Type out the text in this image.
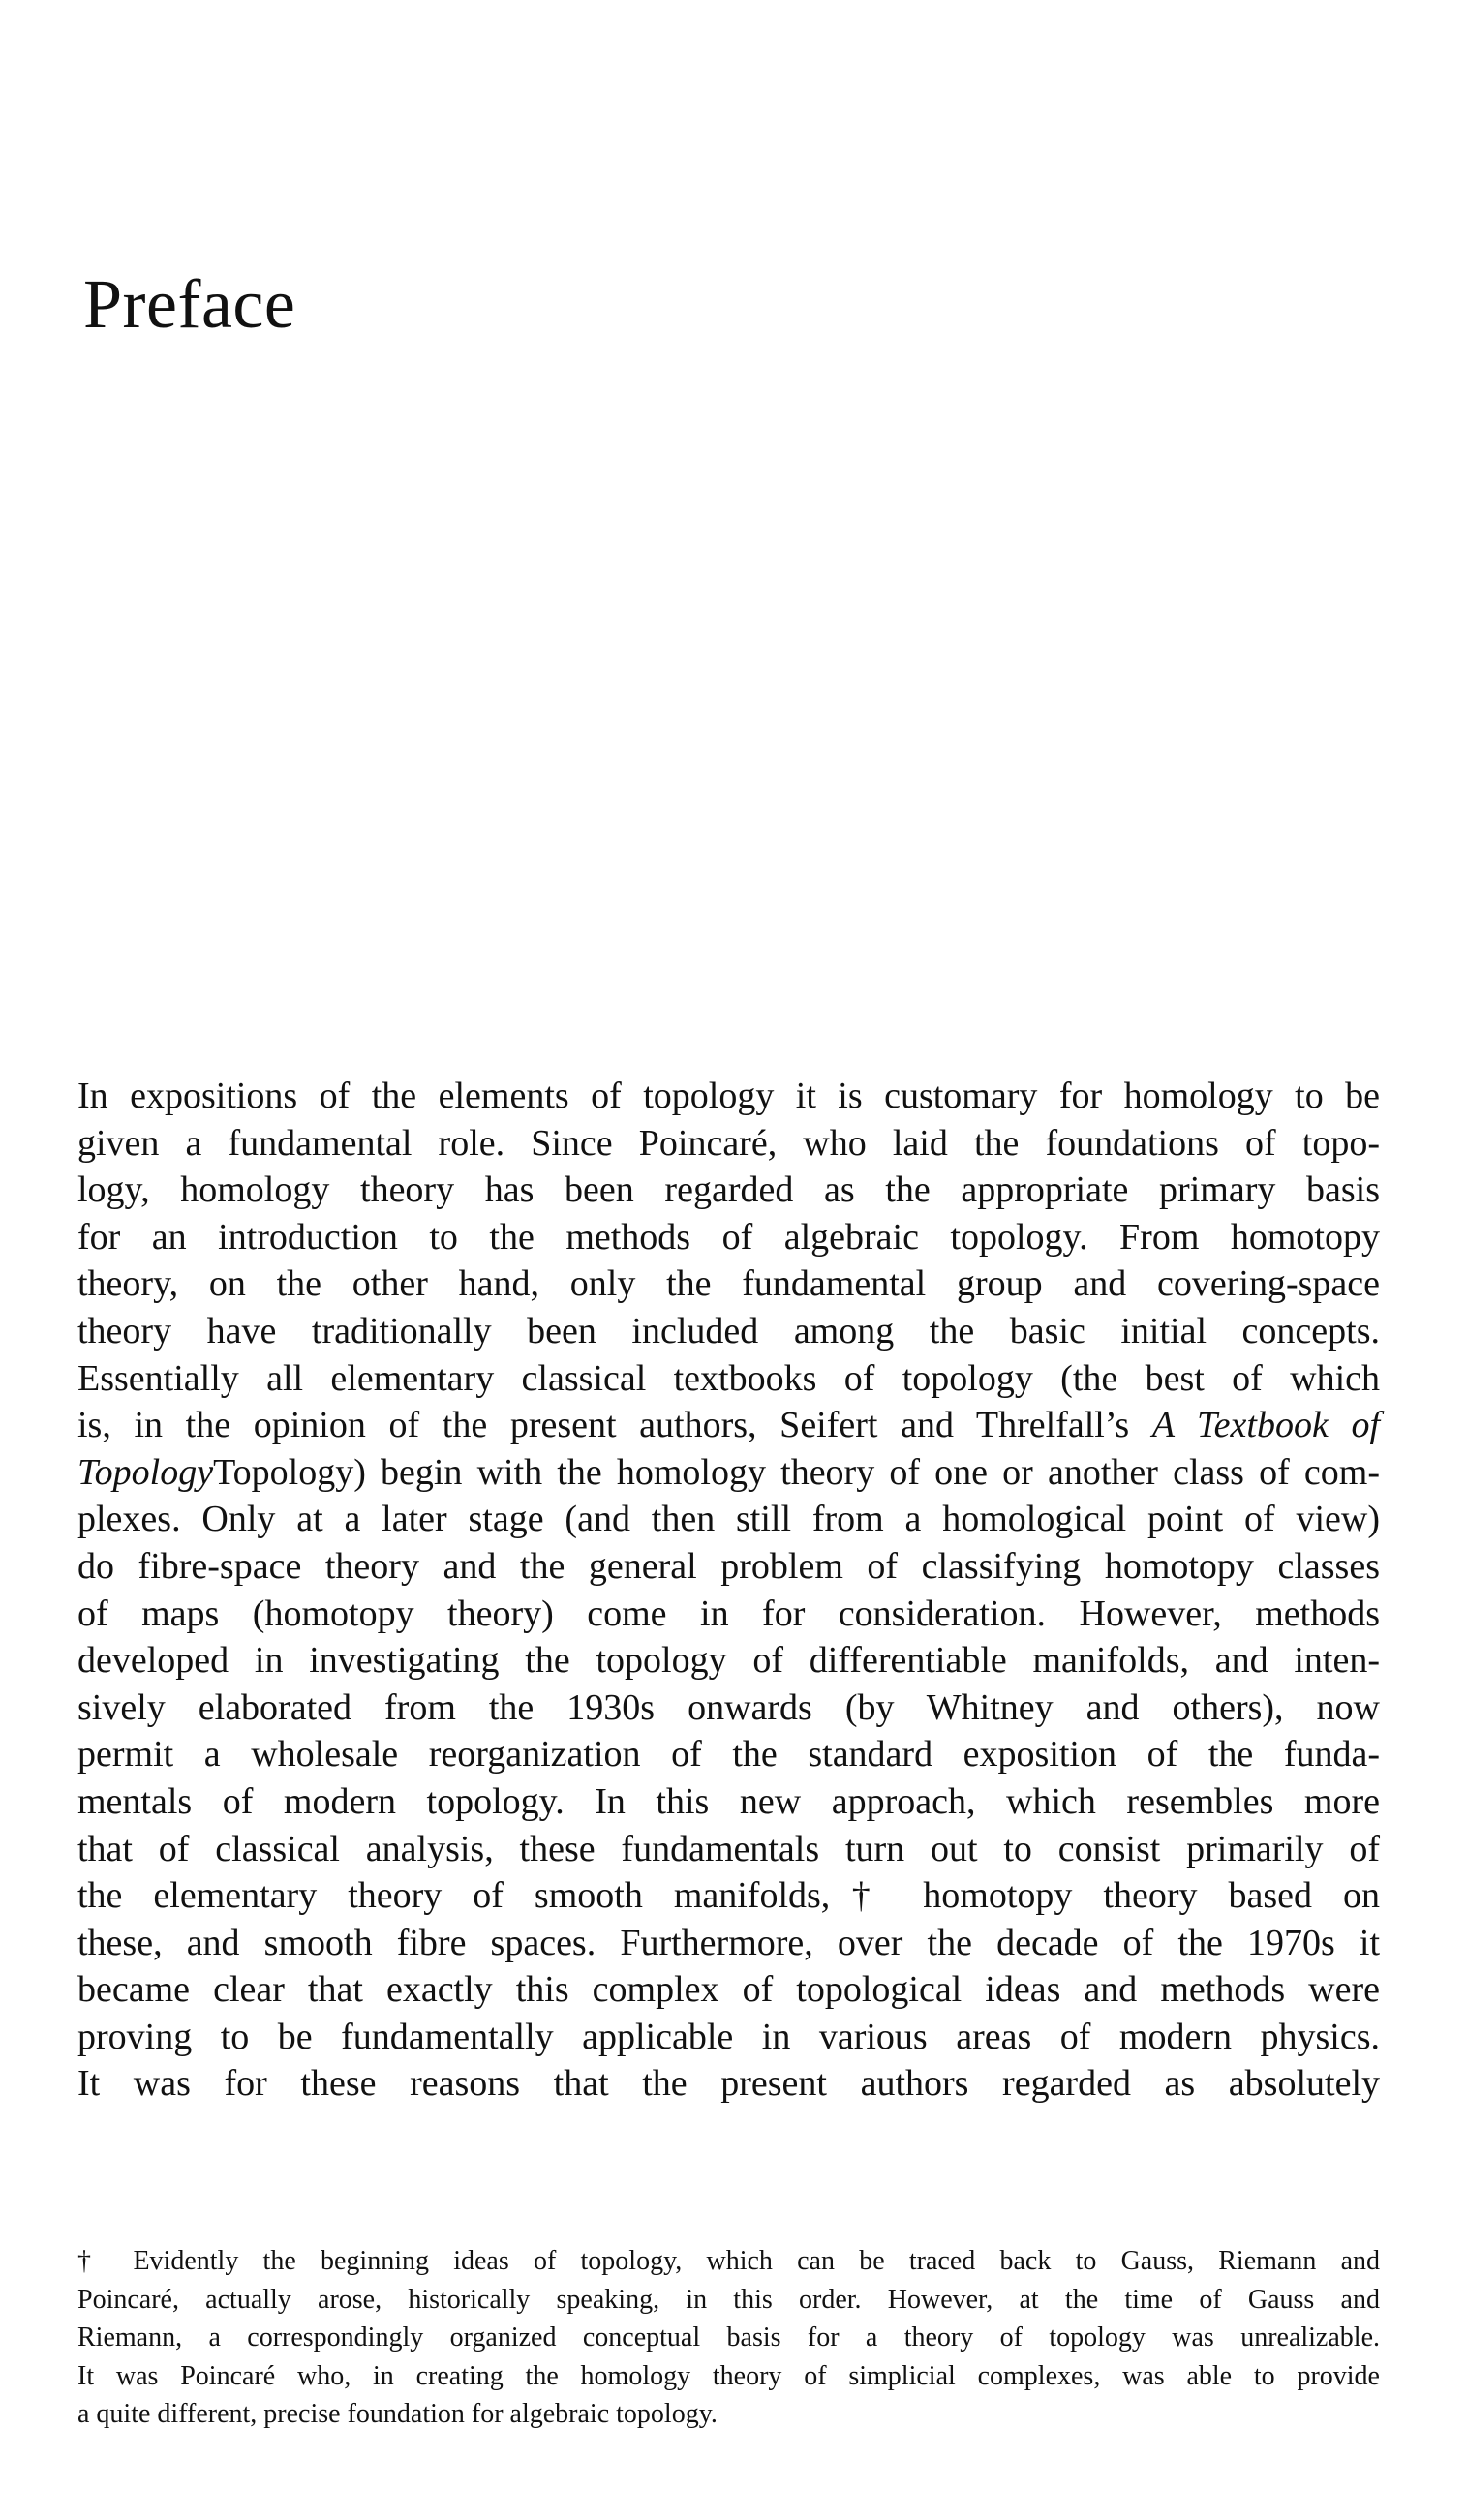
Preface
In expositions of the elements of topology it is customary for homology to be
given a fundamental role. Since Poincaré, who laid the foundations of topo-
logy, homology theory has been regarded as the appropriate primary basis
for an introduction to the methods of algebraic topology. From homotopy
theory, on the other hand, only the fundamental group and covering-space
theory have traditionally been included among the basic initial concepts.
Essentially all elementary classical textbooks of topology (the best of which
is, in the opinion of the present authors, Seifert and Threlfall’s A Textbook of
TopologyTopology) begin with the homology theory of one or another class of com-
plexes. Only at a later stage (and then still from a homological point of view)
do fibre-space theory and the general problem of classifying homotopy classes
of maps (homotopy theory) come in for consideration. However, methods
developed in investigating the topology of differentiable manifolds, and inten-
sively elaborated from the 1930s onwards (by Whitney and others), now
permit a wholesale reorganization of the standard exposition of the funda-
mentals of modern topology. In this new approach, which resembles more
that of classical analysis, these fundamentals turn out to consist primarily of
the elementary theory of smooth manifolds,† homotopy theory based on
these, and smooth fibre spaces. Furthermore, over the decade of the 1970s it
became clear that exactly this complex of topological ideas and methods were
proving to be fundamentally applicable in various areas of modern physics.
It was for these reasons that the present authors regarded as absolutely
† Evidently the beginning ideas of topology, which can be traced back to Gauss, Riemann and
Poincaré, actually arose, historically speaking, in this order. However, at the time of Gauss and
Riemann, a correspondingly organized conceptual basis for a theory of topology was unrealizable.
It was Poincaré who, in creating the homology theory of simplicial complexes, was able to provide
a quite different, precise foundation for algebraic topology.
